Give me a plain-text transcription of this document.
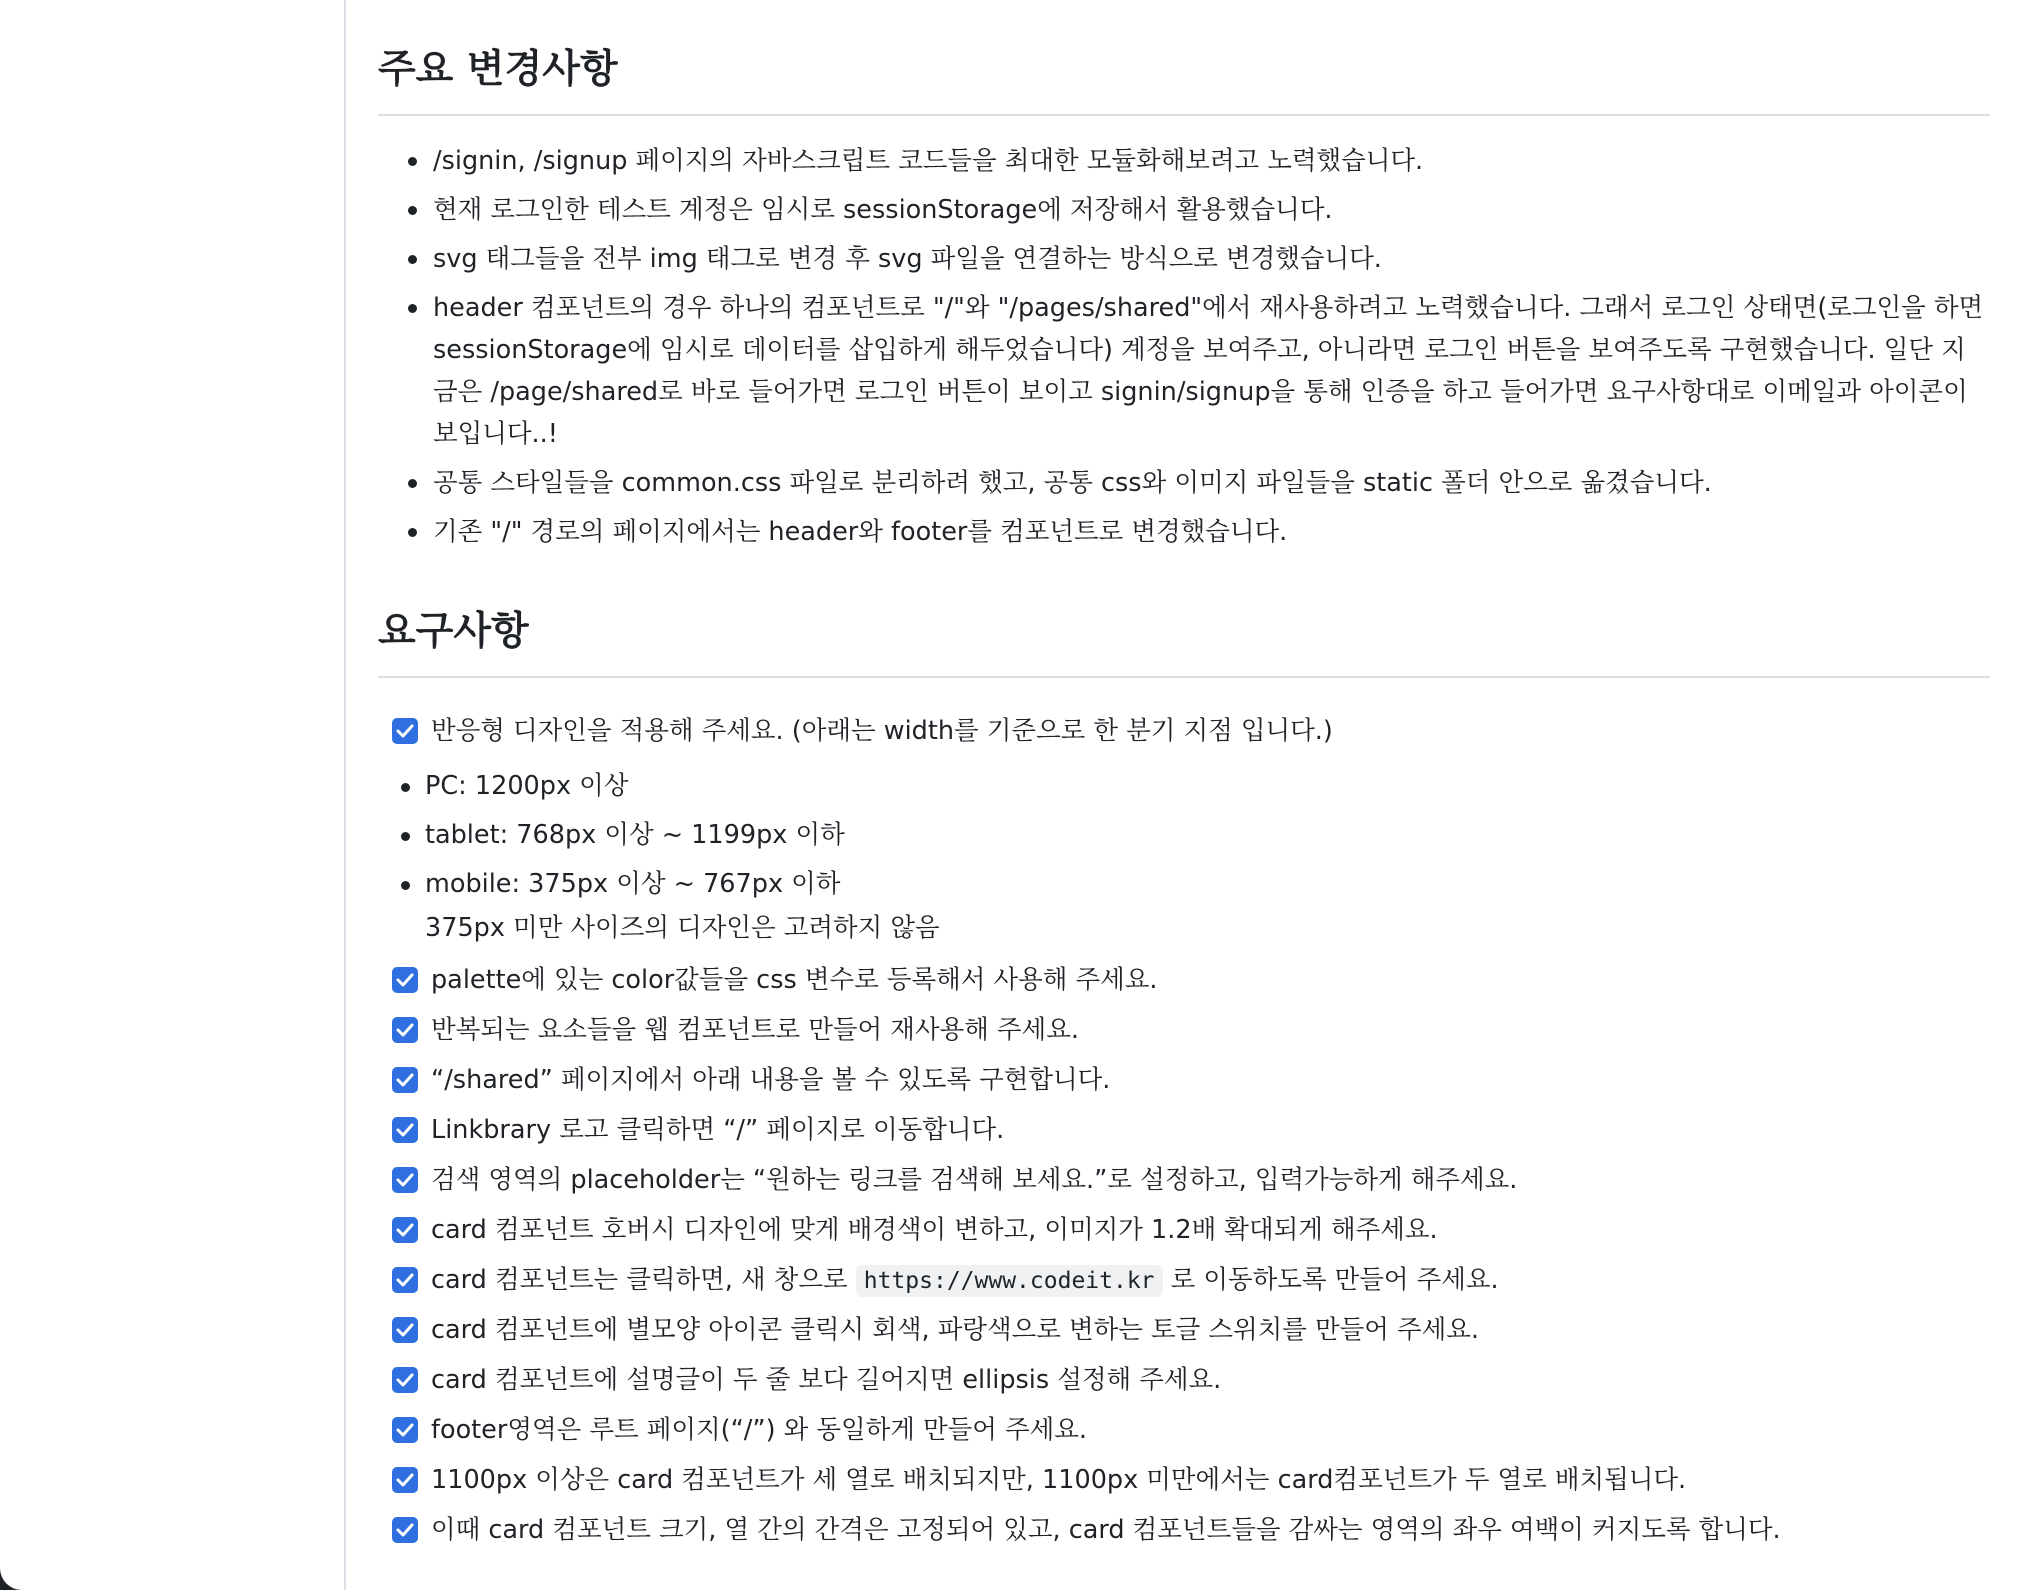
주요 변경사항
/signin, /signup 페이지의 자바스크립트 코드들을 최대한 모듈화해보려고 노력했습니다.
현재 로그인한 테스트 계정은 임시로 sessionStorage에 저장해서 활용했습니다.
svg 태그들을 전부 img 태그로 변경 후 svg 파일을 연결하는 방식으로 변경했습니다.
header 컴포넌트의 경우 하나의 컴포넌트로 "/"와 "/pages/shared"에서 재사용하려고 노력했습니다. 그래서 로그인 상태면(로그인을 하면 sessionStorage에 임시로 데이터를 삽입하게 해두었습니다) 계정을 보여주고, 아니라면 로그인 버튼을 보여주도록 구현했습니다. 일단 지금은 /page/shared로 바로 들어가면 로그인 버튼이 보이고 signin/signup을 통해 인증을 하고 들어가면 요구사항대로 이메일과 아이콘이 보입니다..!
공통 스타일들을 common.css 파일로 분리하려 했고, 공통 css와 이미지 파일들을 static 폴더 안으로 옮겼습니다.
기존 "/" 경로의 페이지에서는 header와 footer를 컴포넌트로 변경했습니다.
요구사항
반응형 디자인을 적용해 주세요. (아래는 width를 기준으로 한 분기 지점 입니다.)
PC: 1200px 이상
tablet: 768px 이상 ~ 1199px 이하
mobile: 375px 이상 ~ 767px 이하
375px 미만 사이즈의 디자인은 고려하지 않음
palette에 있는 color값들을 css 변수로 등록해서 사용해 주세요.
반복되는 요소들을 웹 컴포넌트로 만들어 재사용해 주세요.
“/shared” 페이지에서 아래 내용을 볼 수 있도록 구현합니다.
Linkbrary 로고 클릭하면 “/” 페이지로 이동합니다.
검색 영역의 placeholder는 “원하는 링크를 검색해 보세요.”로 설정하고, 입력가능하게 해주세요.
card 컴포넌트 호버시 디자인에 맞게 배경색이 변하고, 이미지가 1.2배 확대되게 해주세요.
card 컴포넌트는 클릭하면, 새 창으로 https://www.codeit.kr 로 이동하도록 만들어 주세요.
card 컴포넌트에 별모양 아이콘 클릭시 회색, 파랑색으로 변하는 토글 스위치를 만들어 주세요.
card 컴포넌트에 설명글이 두 줄 보다 길어지면 ellipsis 설정해 주세요.
footer영역은 루트 페이지(“/”) 와 동일하게 만들어 주세요.
1100px 이상은 card 컴포넌트가 세 열로 배치되지만, 1100px 미만에서는 card컴포넌트가 두 열로 배치됩니다.
이때 card 컴포넌트 크기, 열 간의 간격은 고정되어 있고, card 컴포넌트들을 감싸는 영역의 좌우 여백이 커지도록 합니다.
